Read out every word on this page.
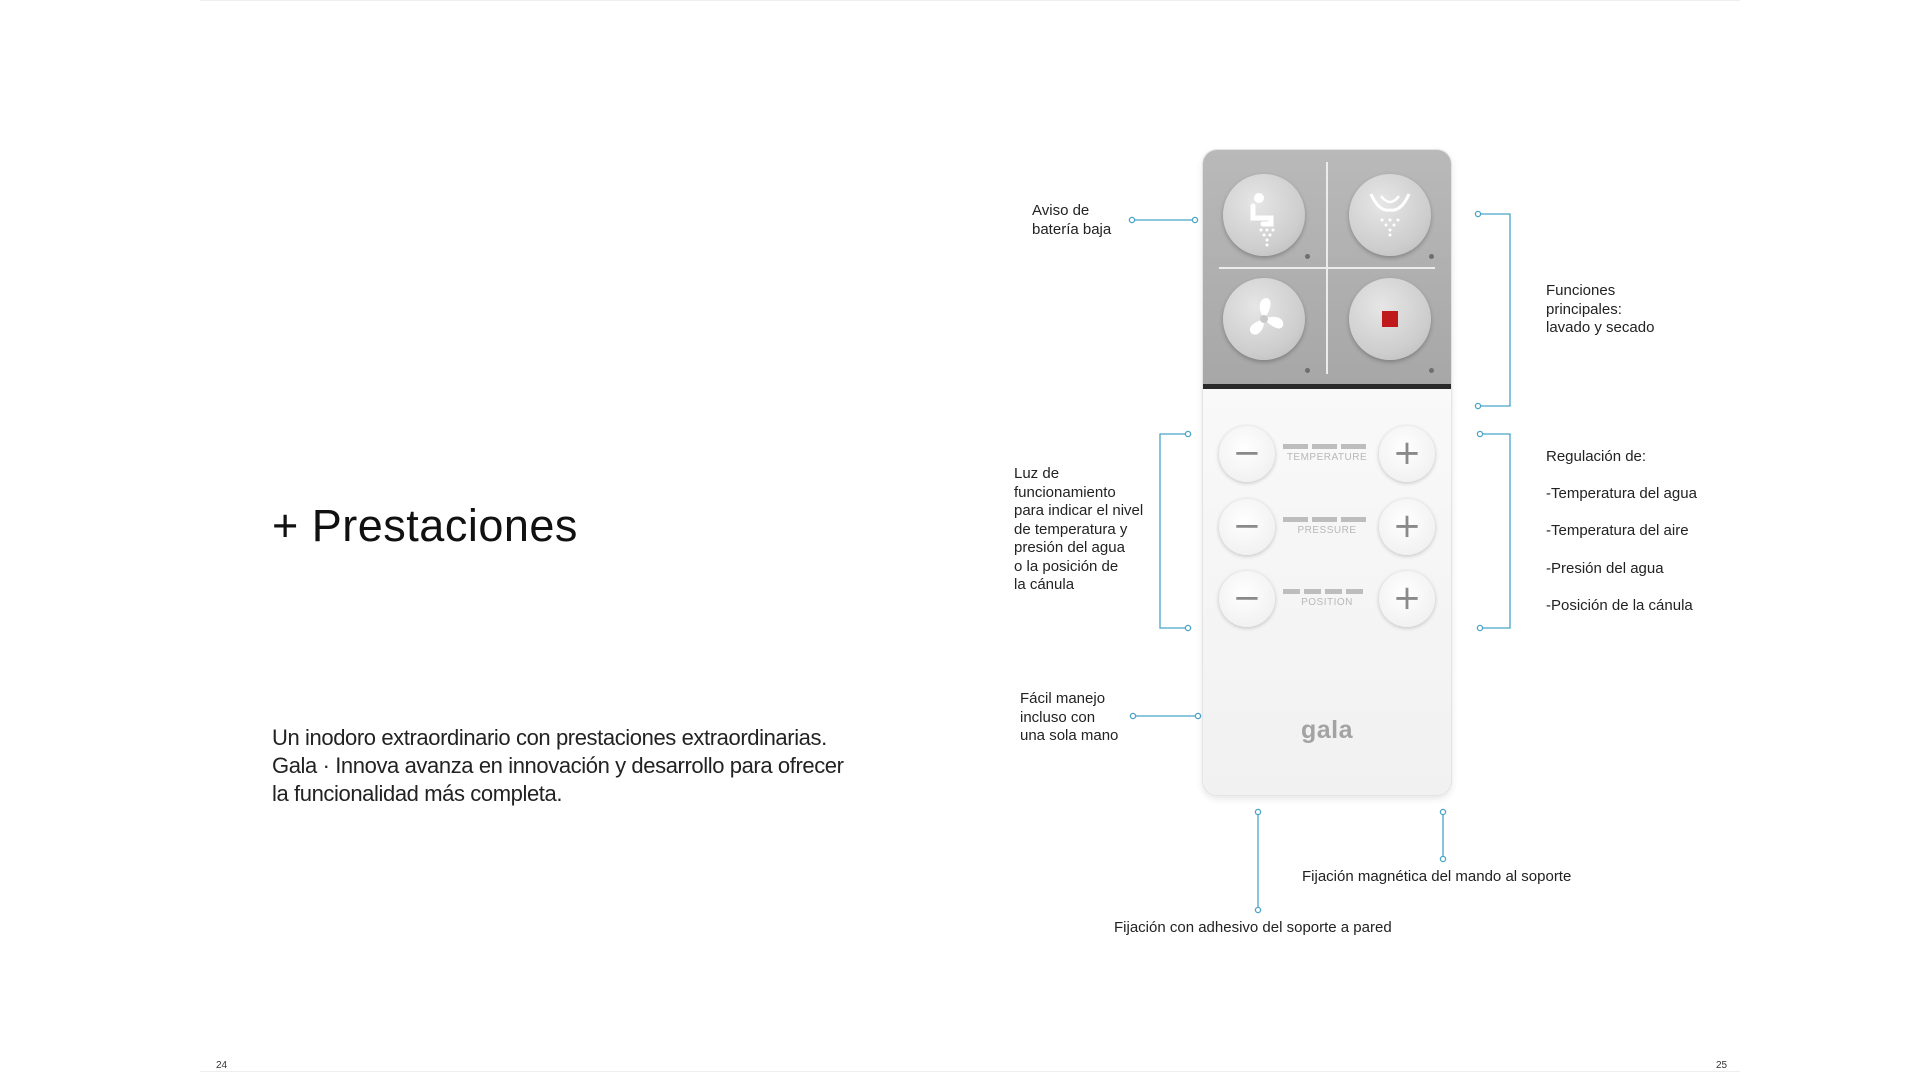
+ Prestaciones
Un inodoro extraordinario con prestaciones extraordinarias. Gala · Innova avanza en innovación y desarrollo para ofrecer la funcionalidad más completa.
24	25
Aviso de
batería baja
Funciones
principales:
lavado y secado
Luz de
funcionamiento
para indicar el nivel
de temperatura y
presión del agua
o la posición de
la cánula
Regulación de:
-Temperatura del agua
-Temperatura del aire
-Presión del agua
-Posición de la cánula
Fácil manejo
incluso con
una sola mano
Fijación magnética del mando al soporte
Fijación con adhesivo del soporte a pared
−	TEMPERATURE +
−	PRESSURE	+
−	POSITION	+
gala
